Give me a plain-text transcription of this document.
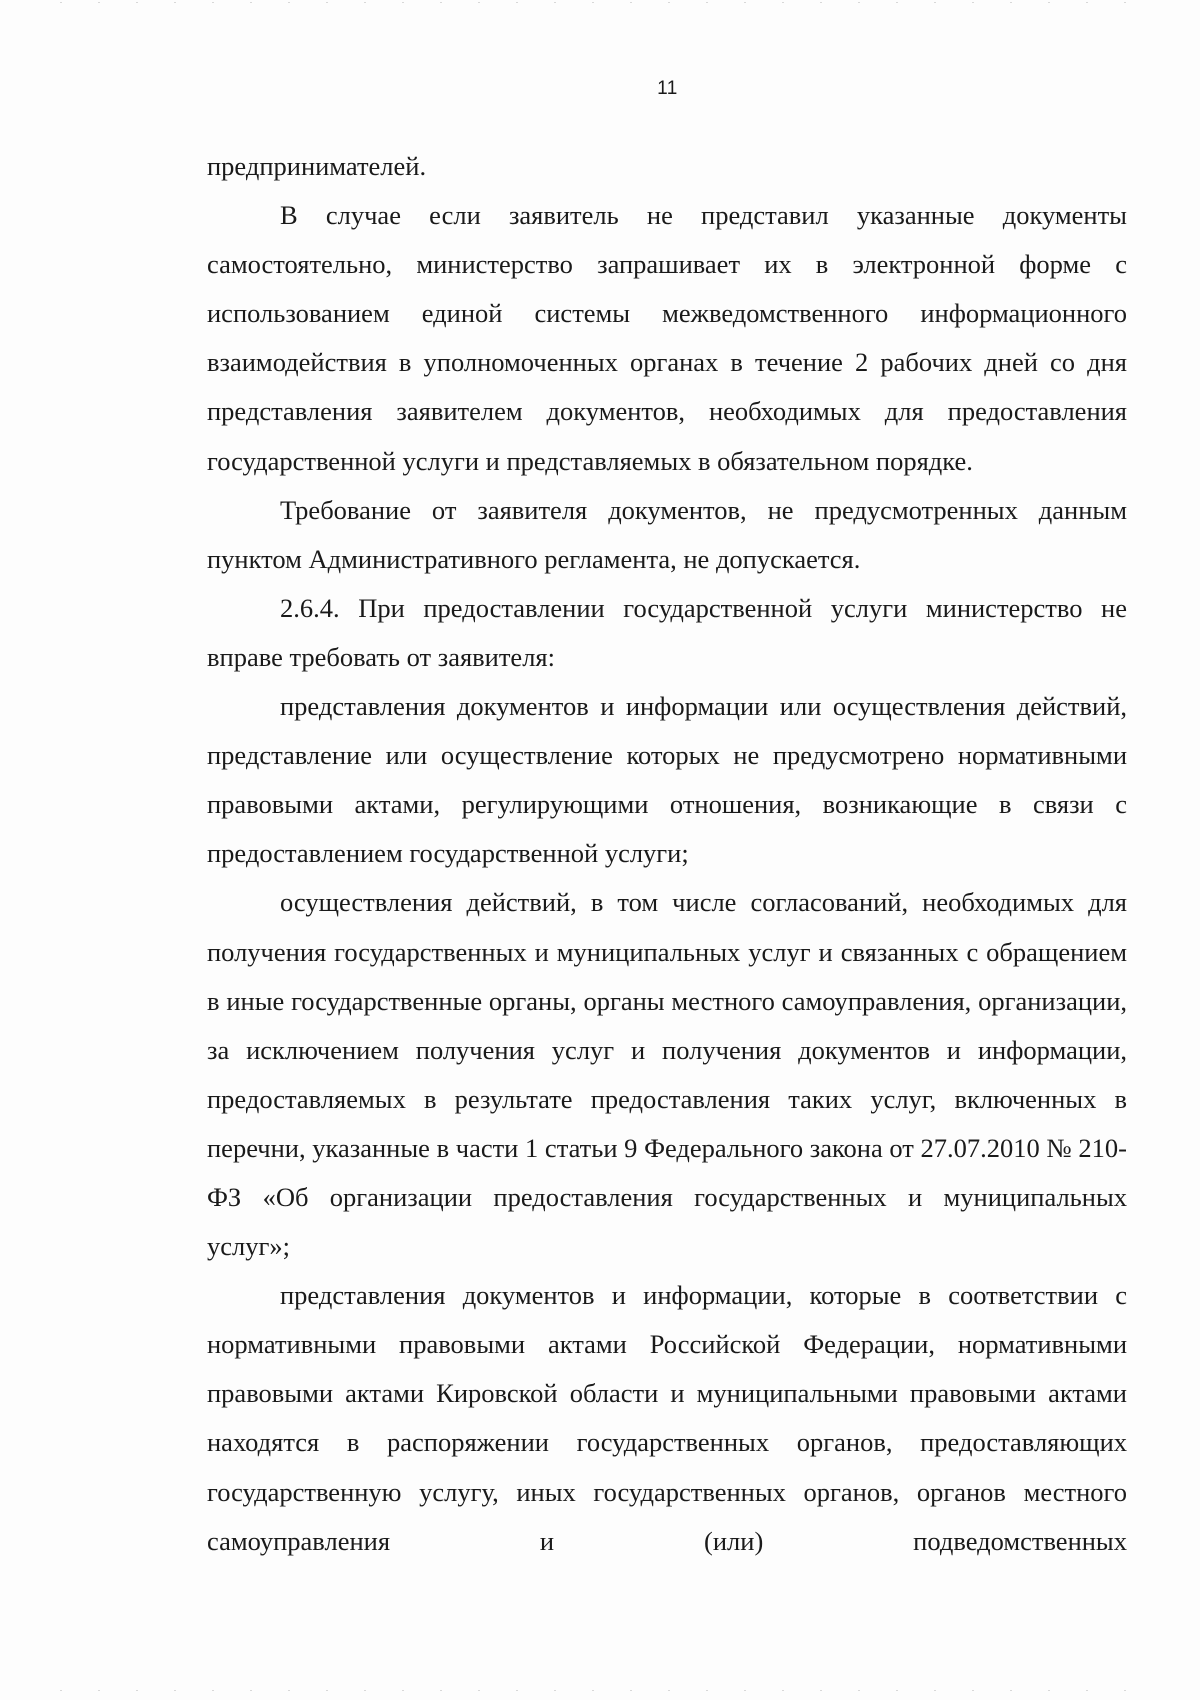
11

предпринимателей.

В случае если заявитель не представил указанные документы самостоятельно, министерство запрашивает их в электронной форме с использованием единой системы межведомственного информационного взаимодействия в уполномоченных органах в течение 2 рабочих дней со дня представления заявителем документов, необходимых для предоставления государственной услуги и представляемых в обязательном порядке.

Требование от заявителя документов, не предусмотренных данным пунктом Административного регламента, не допускается.

2.6.4. При предоставлении государственной услуги министерство не вправе требовать от заявителя:

представления документов и информации или осуществления действий, представление или осуществление которых не предусмотрено нормативными правовыми актами, регулирующими отношения, возникающие в связи с предоставлением государственной услуги;

осуществления действий, в том числе согласований, необходимых для получения государственных и муниципальных услуг и связанных с обращением в иные государственные органы, органы местного самоуправления, организации, за исключением получения услуг и получения документов и информации, предоставляемых в результате предоставления таких услуг, включенных в перечни, указанные в части 1 статьи 9 Федерального закона от 27.07.2010 № 210-ФЗ «Об организации предоставления государственных и муниципальных услуг»;

представления документов и информации, которые в соответствии с нормативными правовыми актами Российской Федерации, нормативными правовыми актами Кировской области и муниципальными правовыми актами находятся в распоряжении государственных органов, предоставляющих государственную услугу, иных государственных органов, органов местного самоуправления и (или) подведомственных
